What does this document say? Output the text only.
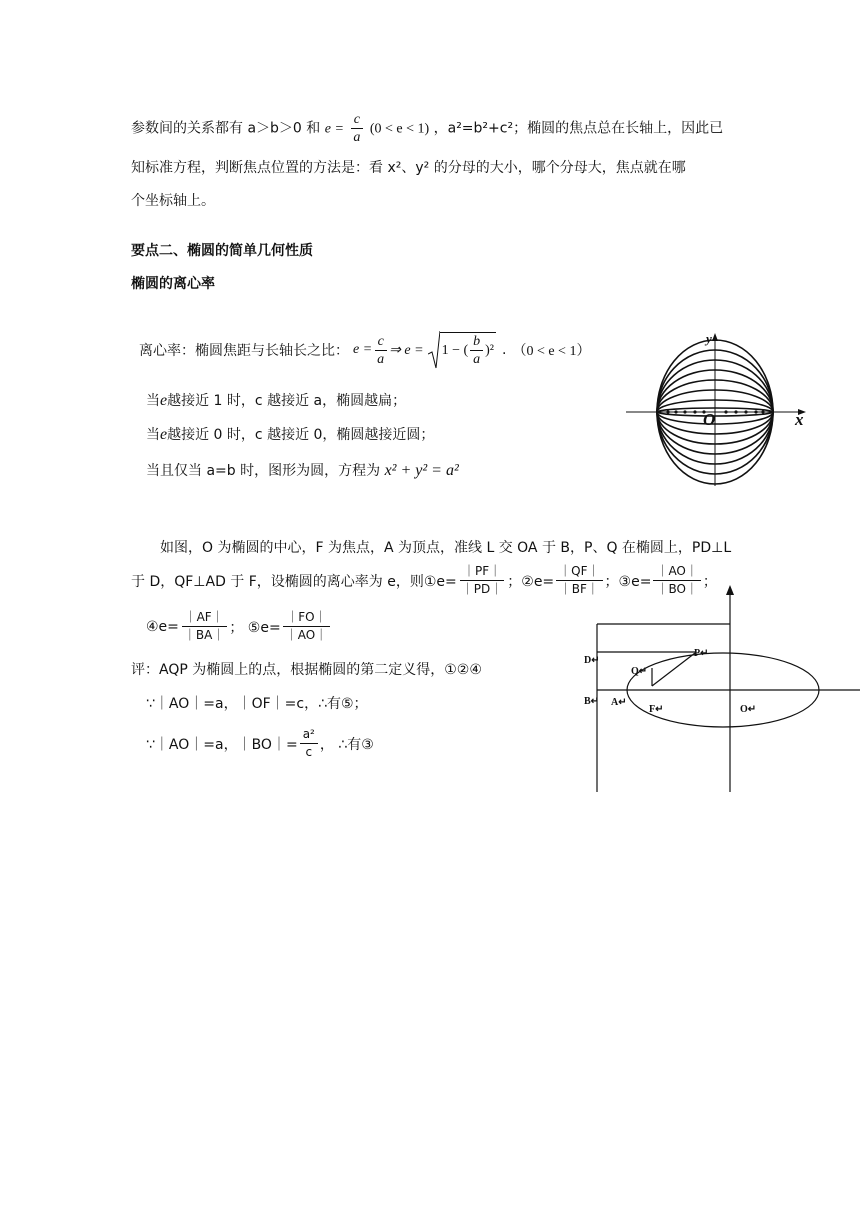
参数间的关系都有 a＞b＞0 和 $e = \frac{c}{a} (0 < e < 1)$ ，a²=b²+c²；椭圆的焦点总在长轴上，因此已
知标准方程，判断焦点位置的方法是：看 x²、y² 的分母的大小，哪个分母大，焦点就在哪
个坐标轴上。
要点二、椭圆的简单几何性质
椭圆的离心率
离心率：椭圆焦距与长轴长之比： $e = \frac{c}{a}$ ⇒ e = 1 − ( $\frac{b}{a} )^2$ . （0 < e < 1）
当e越接近 1 时，c 越接近 a，椭圆越扁；
当e越接近 0 时，c 越接近 0，椭圆越接近圆；
当且仅当 a=b 时，图形为圆，方程为 x² + y² = a²
y
x
O
如图，O 为椭圆的中心，F 为焦点，A 为顶点，准线 L 交 OA 于 B，P、Q 在椭圆上，PD⊥L
于 D，QF⊥AD 于 F，设椭圆的离心率为 e，则①e= $\frac{|PF|}{|PD|}$ ；②e= $\frac{|QF|}{|BF|}$ ；③e= $\frac{|AO|}{|BO|}$ ；
④e= $\frac{|AF|}{|BA|}$ ； ⑤e= $\frac{|FO|}{|AO|}$
评：AQP 为椭圆上的点，根据椭圆的第二定义得，①②④
∵｜AO｜=a，｜OF｜=c，∴有⑤；
∵｜AO｜=a，｜BO｜= $\frac{\text{a²}}{c}$ ， ∴有③
D↵
P↵
Q↵
B↵ A↵
F↵	O↵
